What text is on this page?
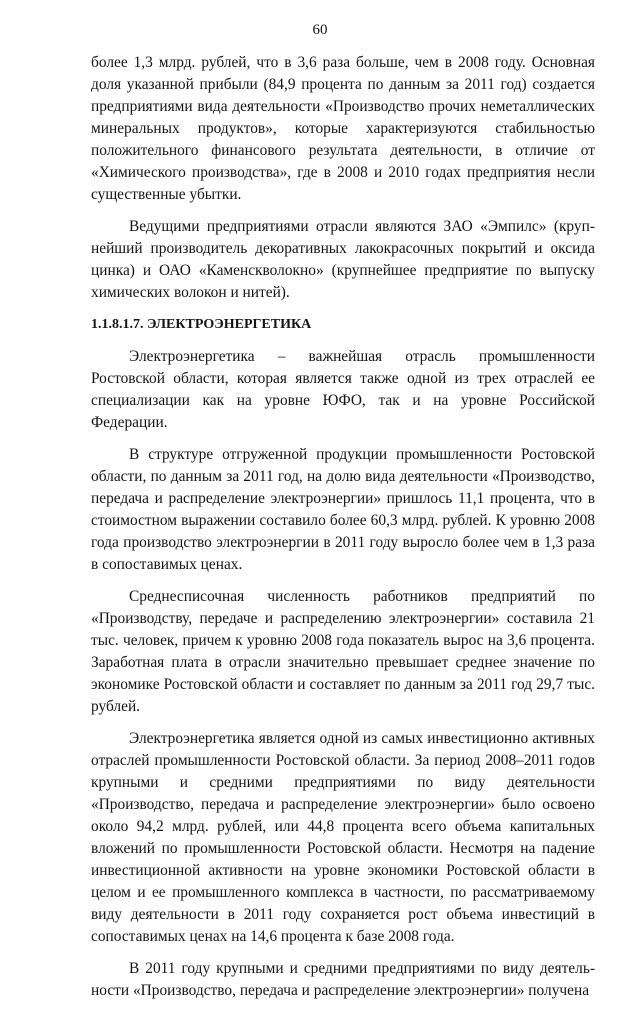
60

более 1,3 млрд. рублей, что в 3,6 раза больше, чем в 2008 году. Основная доля указанной прибыли (84,9 процента по данным за 2011 год) создается предприятиями вида деятельности «Производство прочих неметаллических минеральных продуктов», которые характеризуются стабильностью положительного финансового результата деятельности, в отличие от «Химического производства», где в 2008 и 2010 годах предприятия несли существенные убытки.

Ведущими предприятиями отрасли являются ЗАО «Эмпилс» (крупнейший производитель декоративных лакокрасочных покрытий и оксида цинка) и ОАО «Каменскволокно» (крупнейшее предприятие по выпуску химических волокон и нитей).

1.1.8.1.7. ЭЛЕКТРОЭНЕРГЕТИКА

Электроэнергетика – важнейшая отрасль промышленности Ростовской области, которая является также одной из трех отраслей ее специализации как на уровне ЮФО, так и на уровне Российской Федерации.

В структуре отгруженной продукции промышленности Ростовской области, по данным за 2011 год, на долю вида деятельности «Производство, передача и распределение электроэнергии» пришлось 11,1 процента, что в стоимостном выражении составило более 60,3 млрд. рублей. К уровню 2008 года производство электроэнергии в 2011 году выросло более чем в 1,3 раза в сопоставимых ценах.

Среднесписочная численность работников предприятий по «Производству, передаче и распределению электроэнергии» составила 21 тыс. человек, причем к уровню 2008 года показатель вырос на 3,6 процента. Заработная плата в отрасли значительно превышает среднее значение по экономике Ростовской области и составляет по данным за 2011 год 29,7 тыс. рублей.

Электроэнергетика является одной из самых инвестиционно активных отраслей промышленности Ростовской области. За период 2008–2011 годов крупными и средними предприятиями по виду деятельности «Производство, передача и распределение электроэнергии» было освоено около 94,2 млрд. рублей, или 44,8 процента всего объема капитальных вложений по промышленности Ростовской области. Несмотря на падение инвестиционной активности на уровне экономики Ростовской области в целом и ее промышленного комплекса в частности, по рассматриваемому виду деятельности в 2011 году сохраняется рост объема инвестиций в сопоставимых ценах на 14,6 процента к базе 2008 года.

В 2011 году крупными и средними предприятиями по виду деятельности «Производство, передача и распределение электроэнергии» получена
